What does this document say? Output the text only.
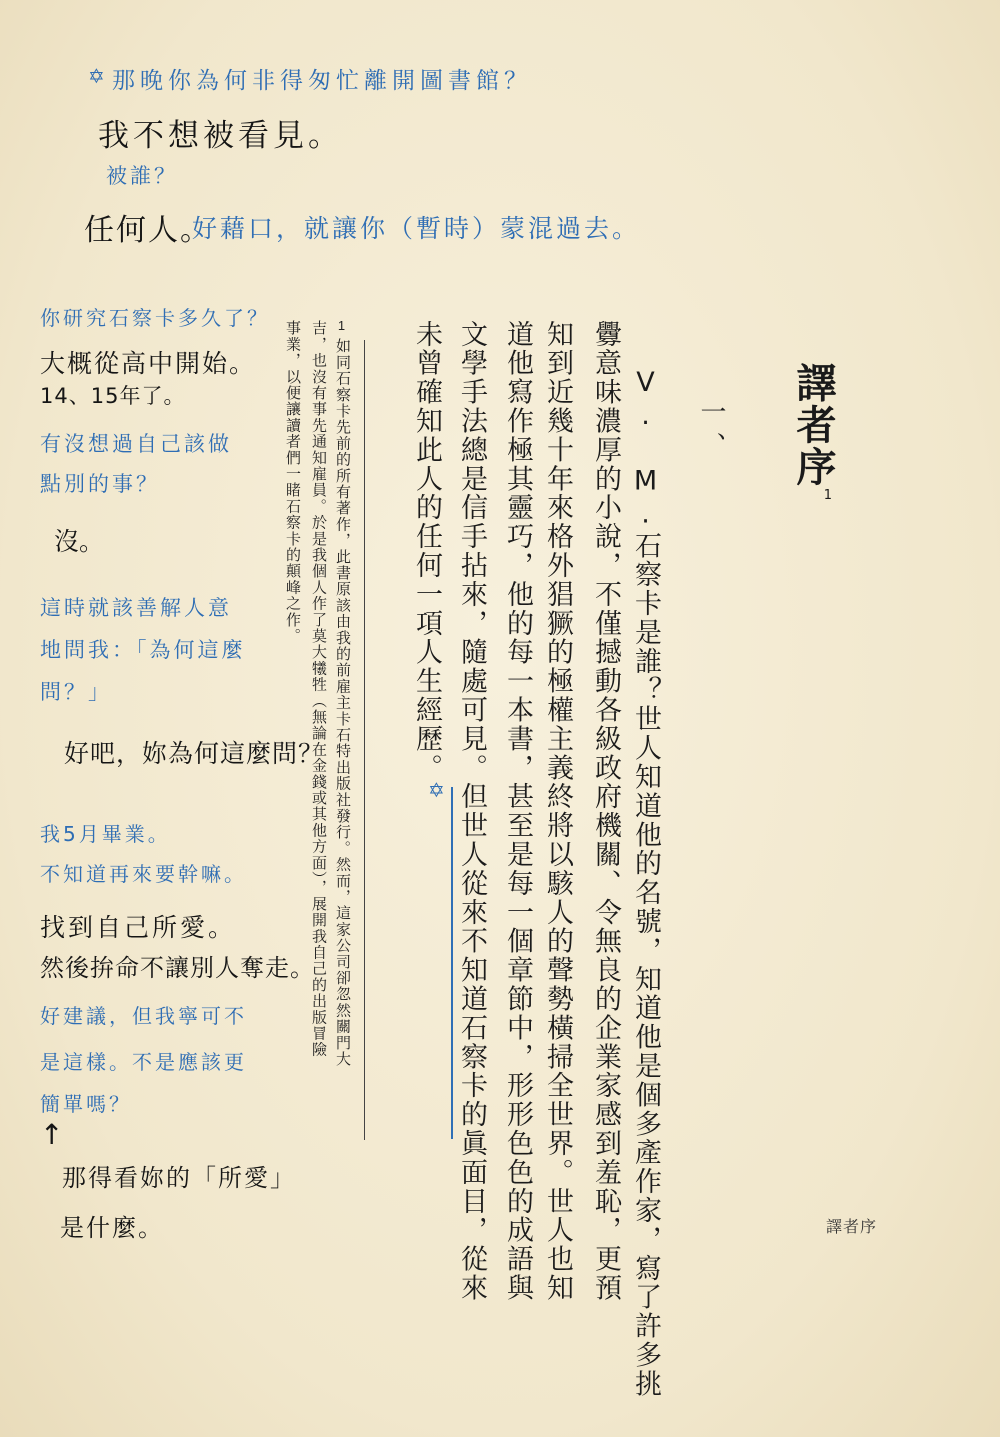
譯者序$^1$
一、
V. M.石察卡是誰？世人知道他的名號，知道他是個多產作家，寫了許多挑
釁意味濃厚的小說，不僅撼動各級政府機關、令無良的企業家感到羞恥，更預
知到近幾十年來格外猖獗的極權主義終將以駭人的聲勢橫掃全世界。世人也知
道他寫作極其靈巧，他的每一本書，甚至是每一個章節中，形形色色的成語與
文學手法總是信手拈來，隨處可見。但世人從來不知道石察卡的眞面目，從來
未曾確知此人的任何一項人生經歷。
1
如同石察卡先前的所有著作，此書原該由我的前雇主卡石特出版社發行。然而，這家公司卻忽然關門大
吉，也沒有事先通知雇員。於是我個人作了莫大犧牲（無論在金錢或其他方面），展開我自己的出版冒險
事業，以便讓讀者們一睹石察卡的顛峰之作。
✡
✡
譯者序
那晚你為何非得匆忙離開圖書館？
我不想被看見。
被誰？
任何人。
好藉口，就讓你（暫時）蒙混過去。
你研究石察卡多久了？
大概從高中開始。
14、15年了。
有沒想過自己該做
點別的事？
沒。
這時就該善解人意
地問我：「為何這麼
問？」
好吧，妳為何這麼問？
我5月畢業。
不知道再來要幹嘛。
找到自己所愛。
然後拚命不讓別人奪走。
好建議，但我寧可不
是這樣。不是應該更
簡單嗎？
↑
那得看妳的「所愛」
是什麼。
